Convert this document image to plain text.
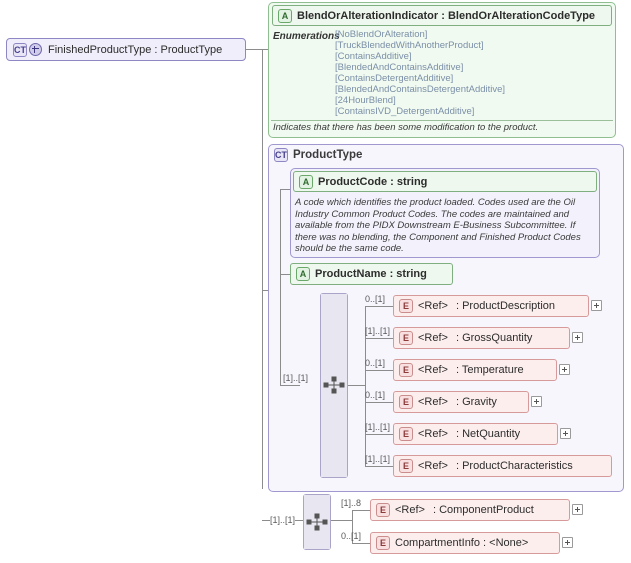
CT FinishedProductType : ProductType
A BlendOrAlterationIndicator : BlendOrAlterationCodeType
Enumerations
[NoBlendOrAlteration]
[TruckBlendedWithAnotherProduct]
[ContainsAdditive]
[BlendedAndContainsAdditive]
[ContainsDetergentAdditive]
[BlendedAndContainsDetergentAdditive]
[24HourBlend]
[ContainsIVD_DetergentAdditive]
Indicates that there has been some modification to the product.
CT ProductType
A ProductCode : string
A code which identifies the product loaded. Codes used are the Oil Industry Common Product Codes. The codes are maintained and available from the PIDX Downstream E-Business Subcommittee. If there was no blending, the Component and Finished Product Codes should be the same code.
A ProductName : string
[1]..[1]
0..[1]
[1]..[1]
0..[1]
0..[1]
[1]..[1]
[1]..[1]
E <Ref> : ProductDescription
E <Ref> : GrossQuantity
E <Ref> : Temperature
E <Ref> : Gravity
E <Ref> : NetQuantity
E <Ref> : ProductCharacteristics
[1]..[1]
[1]..8
0..[1]
E <Ref> : ComponentProduct
E CompartmentInfo : <None>
